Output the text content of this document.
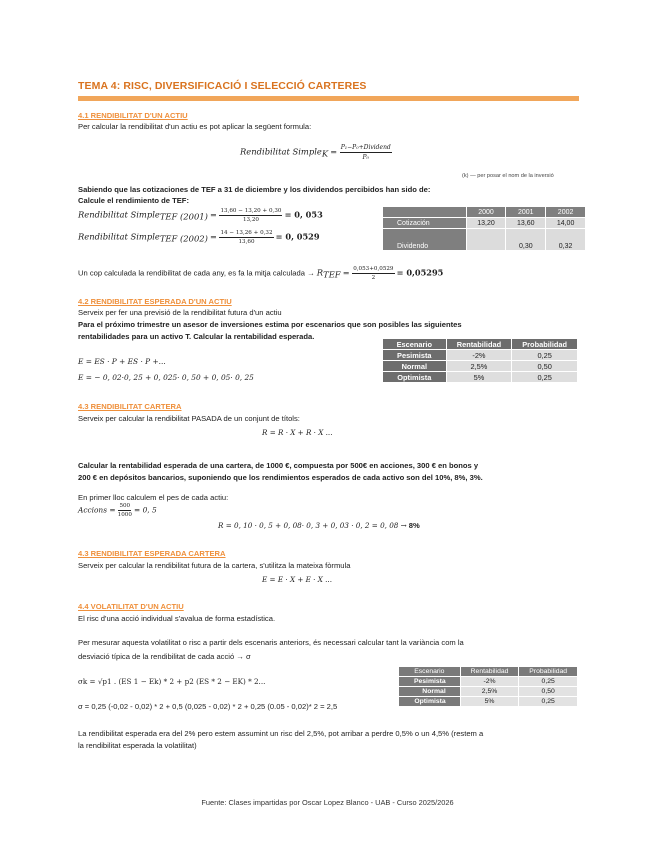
TEMA 4: RISC, DIVERSIFICACIÓ I SELECCIÓ CARTERES
4.1 RENDIBILITAT D'UN ACTIU
Per calcular la rendibilitat d'un actiu es pot aplicar la següent formula:
Rendibilitat Simple$_K$ = $\frac{\text{P₁−P₀+Dividend}}{\text{P₀}}$
(k) — per posar el nom de la inversió
Sabiendo que las cotizaciones de TEF a 31 de diciembre y los dividendos percibidos han sido de:
Calcule el rendimiento de TEF:
Rendibilitat Simple$_{TEF (2001)}$ = $\frac{13,60 - 13,20 + 0,30}{13,20} = 0$, 053
Rendibilitat Simple$_{TEF (2002)}$ = $\frac{14 - 13,26 + 0,32}{13,60} = 0$, 0529
	2000	2001	2002
Cotización	13,20	13,60	14,00
Dividendo		0,30	0,32
Un cop calculada la rendibilitat de cada any, es fa la mitja calculada → $R_{TEF} = \frac{0,053+0,0529}{2} = 0,05295$
4.2 RENDIBILITAT ESPERADA D'UN ACTIU
Serveix per fer una previsió de la rendibilitat futura d'un actiu
Para el próximo trimestre un asesor de inversiones estima por escenarios que son posibles las siguientes
rentabilidades para un activo T. Calcular la rentabilidad esperada.
E = ES · P + ES · P +...
E = − 0, 02·0, 25 + 0, 025· 0, 50 + 0, 05· 0, 25
Escenario	Rentabilidad	Probabilidad
Pesimista	-2%	0,25
Normal	2,5%	0,50
Optimista	5%	0,25
4.3 RENDIBILITAT CARTERA
Serveix per calcular la rendibilitat PASADA de un conjunt de títols:
R = R · X + R · X ...
Calcular la rentabilidad esperada de una cartera, de 1000 €, compuesta por 500€ en acciones, 300 € en bonos y
200 € en depósitos bancarios, suponiendo que los rendimientos esperados de cada activo son del 10%, 8%, 3%.
En primer lloc calculem el pes de cada actiu:
Accions = $\frac{500}{1000} = 0$, 5
R = 0, 10 · 0, 5 + 0, 08· 0, 3 + 0, 03 · 0, 2 = 0, 08 → 8%
4.3 RENDIBILITAT ESPERADA CARTERA
Serveix per calcular la rendibilitat futura de la cartera, s'utilitza la mateixa fòrmula
E = E · X + E · X ...
4.4 VOLATILITAT D'UN ACTIU
El risc d'una acció individual s'avalua de forma estadística.
Per mesurar aquesta volatilitat o risc a partir dels escenaris anteriors, és necessari calcular tant la variància com la
desviació típica de la rendibilitat de cada acció → σ
σk = √p1 . (ES 1 − Ek) * 2 + p2 (ES * 2 − EK) * 2...
σ = 0,25 (-0,02 - 0,02) * 2 + 0,5 (0,025 - 0,02) * 2 + 0,25 (0.05 - 0,02)* 2 = 2,5
Escenario	Rentabilidad	Probabilidad
Pesimista	-2%	0,25
Normal	2,5%	0,50
Optimista	5%	0,25
La rendibilitat esperada era del 2% pero estem assumint un risc del 2,5%, pot arribar a perdre 0,5% o un 4,5% (restem a
la rendibilitat esperada la volatilitat)
Fuente: Clases impartidas por Oscar Lopez Blanco - UAB - Curso 2025/2026
